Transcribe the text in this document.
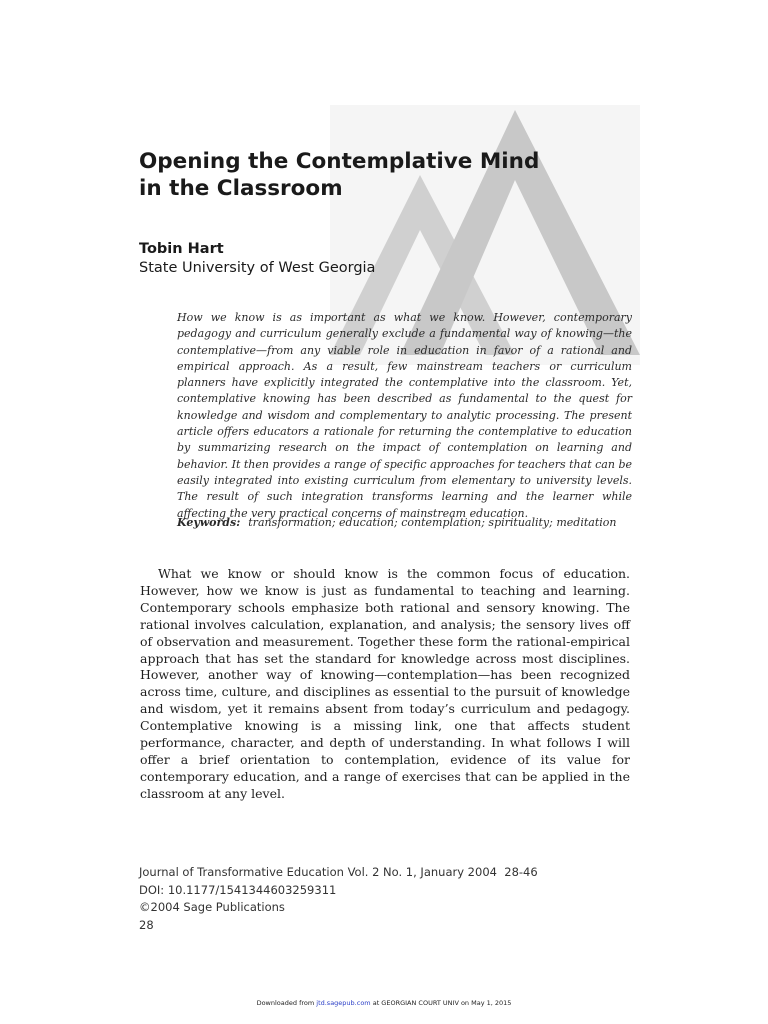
Opening the Contemplative Mind
in the Classroom
Tobin Hart
State University of West Georgia

How we know is as important as what we know. However, contemporary pedagogy and curriculum generally exclude a fundamental way of knowing—the contemplative—from any viable role in education in favor of a rational and empirical approach. As a result, few mainstream teachers or curriculum planners have explicitly integrated the contemplative into the classroom. Yet, contemplative knowing has been described as fundamental to the quest for knowledge and wisdom and complementary to analytic processing. The present article offers educators a rationale for returning the contemplative to education by summarizing research on the impact of contemplation on learning and behavior. It then provides a range of specific approaches for teachers that can be easily integrated into existing curriculum from elementary to university levels. The result of such integration transforms learning and the learner while affecting the very practical concerns of mainstream education.

Keywords: transformation; education; contemplation; spirituality; meditation

What we know or should know is the common focus of education. However, how we know is just as fundamental to teaching and learning. Contemporary schools emphasize both rational and sensory knowing. The rational involves calculation, explanation, and analysis; the sensory lives off of observation and measurement. Together these form the rational-empirical approach that has set the standard for knowledge across most disciplines. However, another way of knowing—contemplation—has been recognized across time, culture, and disciplines as essential to the pursuit of knowledge and wisdom, yet it remains absent from today’s curriculum and pedagogy. Contemplative knowing is a missing link, one that affects student performance, character, and depth of understanding. In what follows I will offer a brief orientation to contemplation, evidence of its value for contemporary education, and a range of exercises that can be applied in the classroom at any level.

Journal of Transformative Education Vol. 2 No. 1, January 2004  28-46
DOI: 10.1177/1541344603259311
©2004 Sage Publications
28
Downloaded from jtd.sagepub.com at GEORGIAN COURT UNIV on May 1, 2015
